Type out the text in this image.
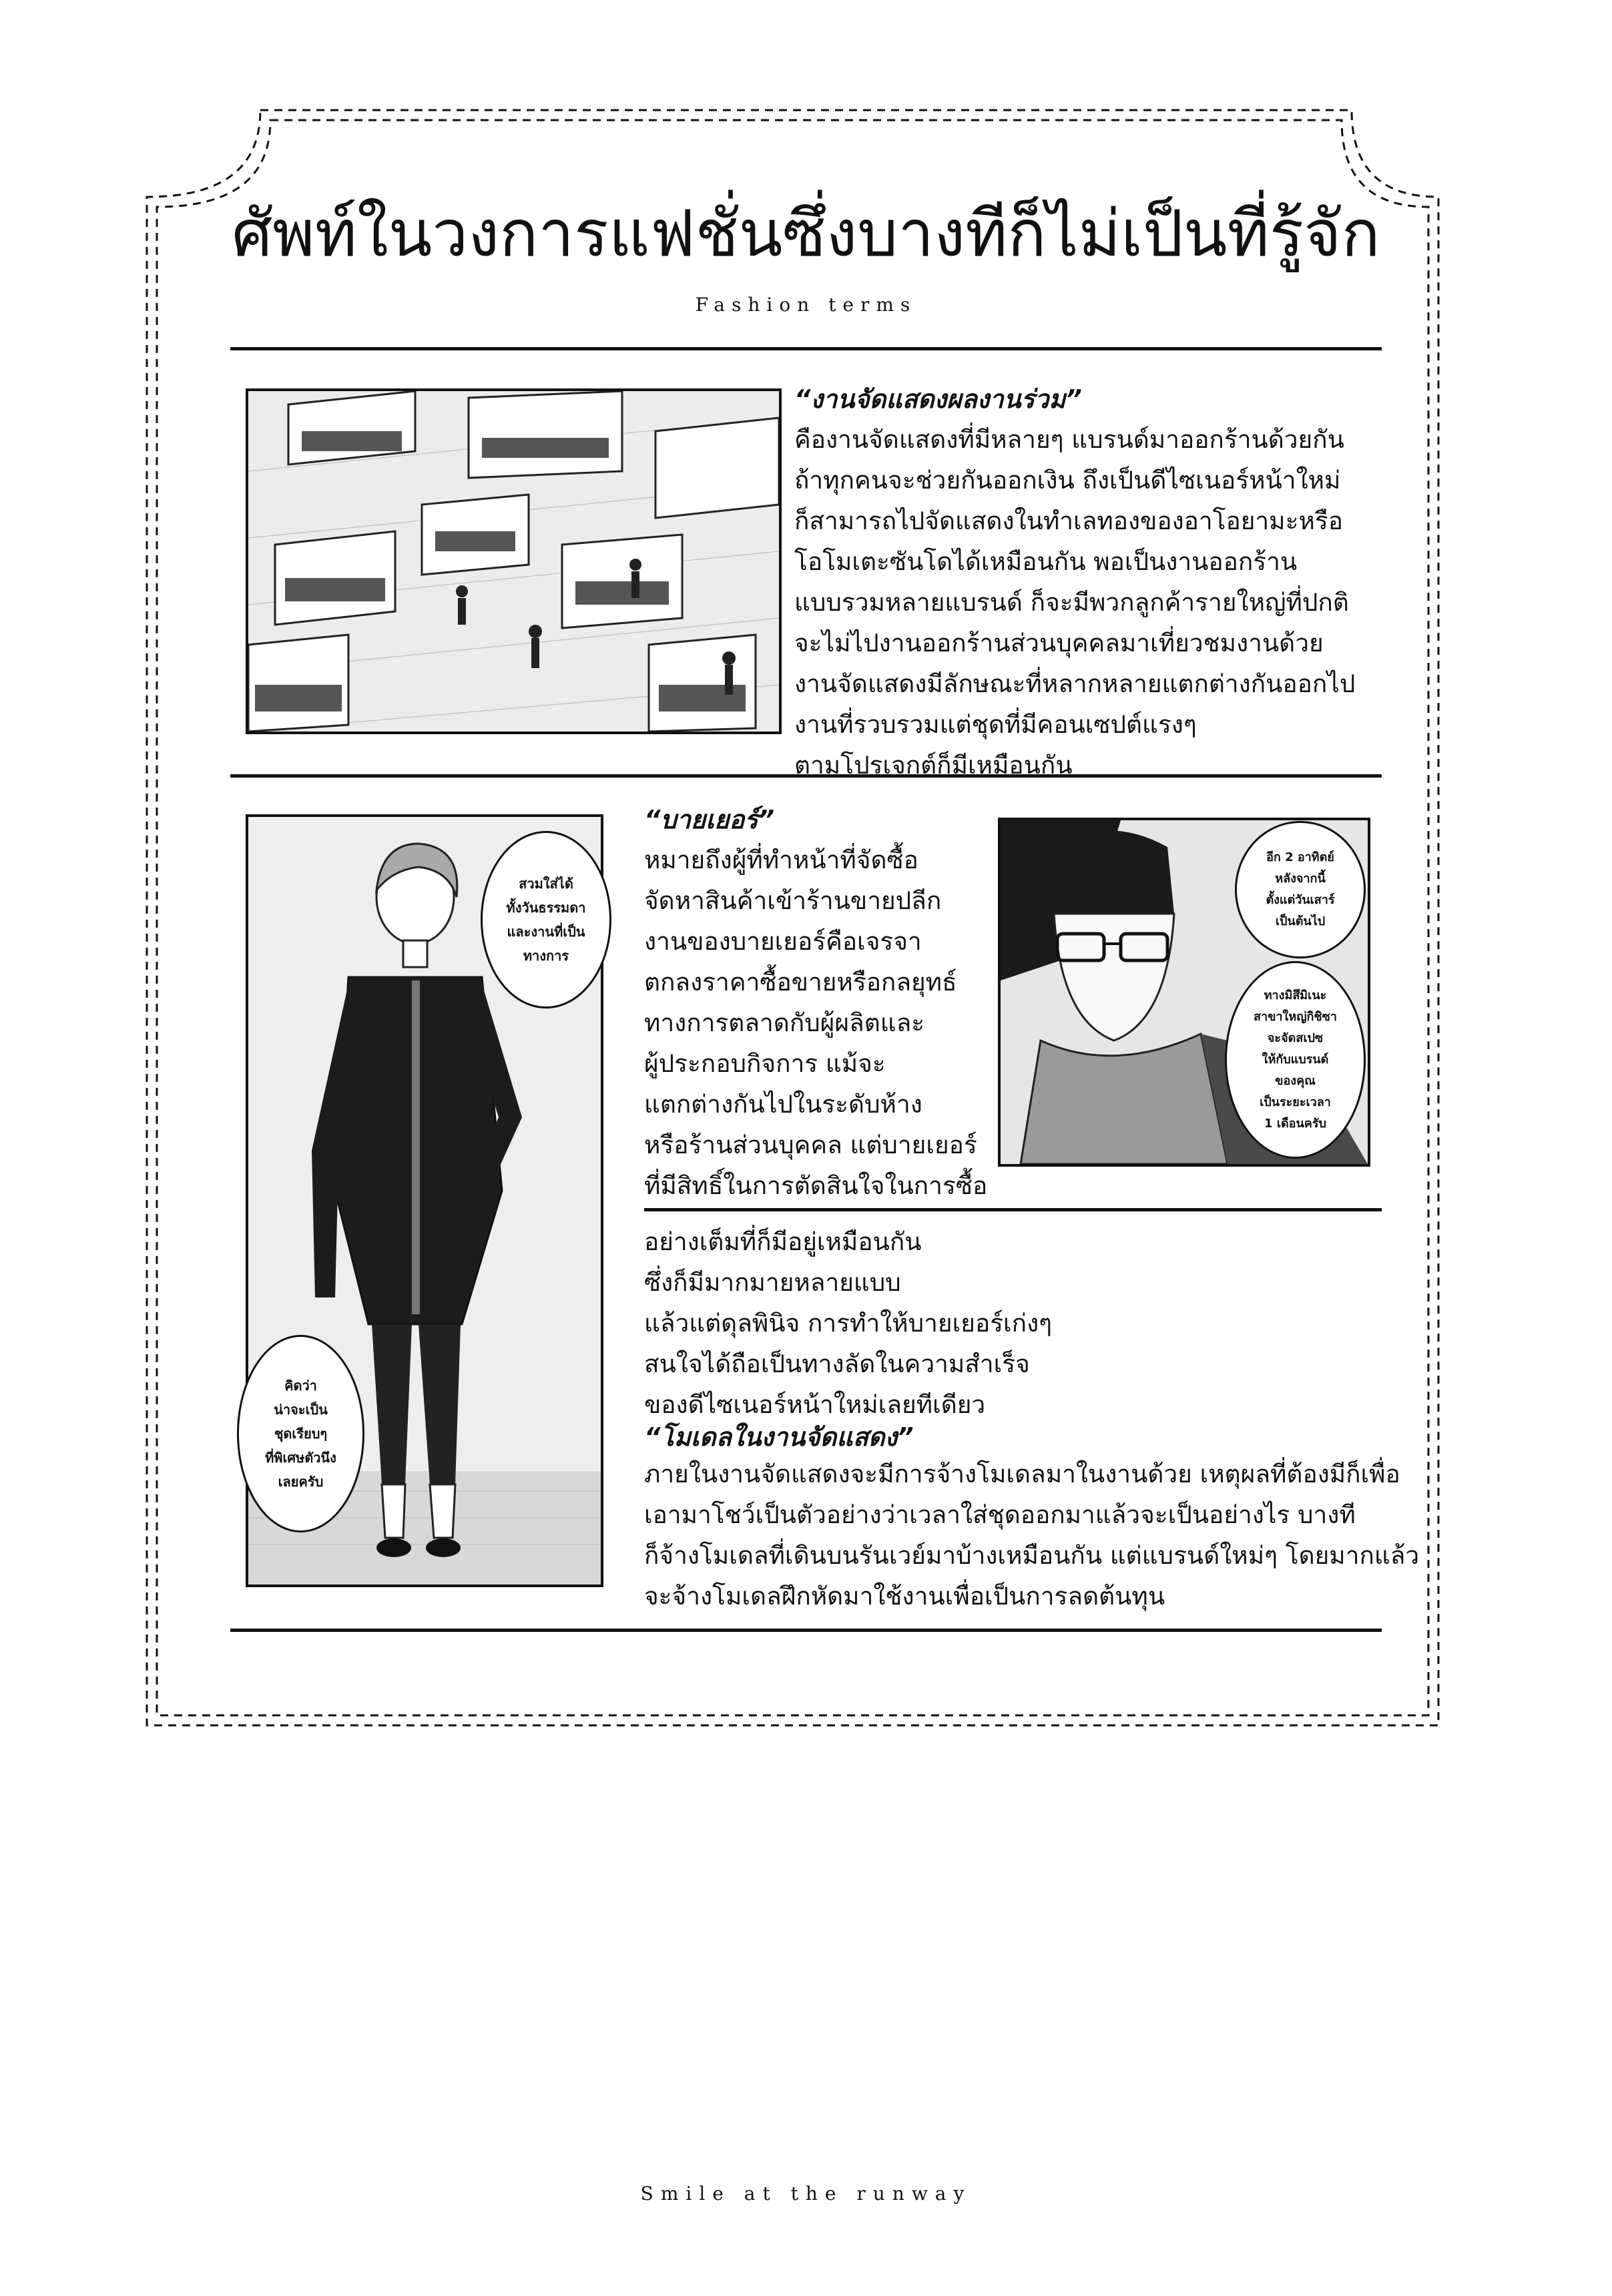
ศัพท์ในวงการแฟชั่นซึ่งบางทีก็ไม่เป็นที่รู้จัก
Fashion terms
“งานจัดแสดงผลงานร่วม”
คืองานจัดแสดงที่มีหลายๆ แบรนด์มาออกร้านด้วยกัน
ถ้าทุกคนจะช่วยกันออกเงิน ถึงเป็นดีไซเนอร์หน้าใหม่
ก็สามารถไปจัดแสดงในทำเลทองของอาโอยามะหรือ
โอโมเตะซันโดได้เหมือนกัน พอเป็นงานออกร้าน
แบบรวมหลายแบรนด์ ก็จะมีพวกลูกค้ารายใหญ่ที่ปกติ
จะไม่ไปงานออกร้านส่วนบุคคลมาเที่ยวชมงานด้วย
งานจัดแสดงมีลักษณะที่หลากหลายแตกต่างกันออกไป
งานที่รวบรวมแต่ชุดที่มีคอนเซปต์แรงๆ
ตามโปรเจกต์ก็มีเหมือนกัน
สวมใส่ได้
ทั้งวันธรรมดา
และงานที่เป็น
ทางการ
คิดว่า
น่าจะเป็น
ชุดเรียบๆ
ที่พิเศษตัวนึง
เลยครับ
“บายเยอร์”
หมายถึงผู้ที่ทำหน้าที่จัดซื้อ
จัดหาสินค้าเข้าร้านขายปลีก
งานของบายเยอร์คือเจรจา
ตกลงราคาซื้อขายหรือกลยุทธ์
ทางการตลาดกับผู้ผลิตและ
ผู้ประกอบกิจการ แม้จะ
แตกต่างกันไปในระดับห้าง
หรือร้านส่วนบุคคล แต่บายเยอร์
ที่มีสิทธิ์ในการตัดสินใจในการซื้อ
อีก 2 อาทิตย์
หลังจากนี้
ตั้งแต่วันเสาร์
เป็นต้นไป
ทางมิสึมิเนะ
สาขาใหญ่กิชิซา
จะจัดสเปซ
ให้กับแบรนด์
ของคุณ
เป็นระยะเวลา
1 เดือนครับ
อย่างเต็มที่ก็มีอยู่เหมือนกัน
ซึ่งก็มีมากมายหลายแบบ
แล้วแต่ดุลพินิจ การทำให้บายเยอร์เก่งๆ
สนใจได้ถือเป็นทางลัดในความสำเร็จ
ของดีไซเนอร์หน้าใหม่เลยทีเดียว
“โมเดลในงานจัดแสดง”
ภายในงานจัดแสดงจะมีการจ้างโมเดลมาในงานด้วย เหตุผลที่ต้องมีก็เพื่อ
เอามาโชว์เป็นตัวอย่างว่าเวลาใส่ชุดออกมาแล้วจะเป็นอย่างไร บางที
ก็จ้างโมเดลที่เดินบนรันเวย์มาบ้างเหมือนกัน แต่แบรนด์ใหม่ๆ โดยมากแล้ว
จะจ้างโมเดลฝึกหัดมาใช้งานเพื่อเป็นการลดต้นทุน
Smile at the runway
